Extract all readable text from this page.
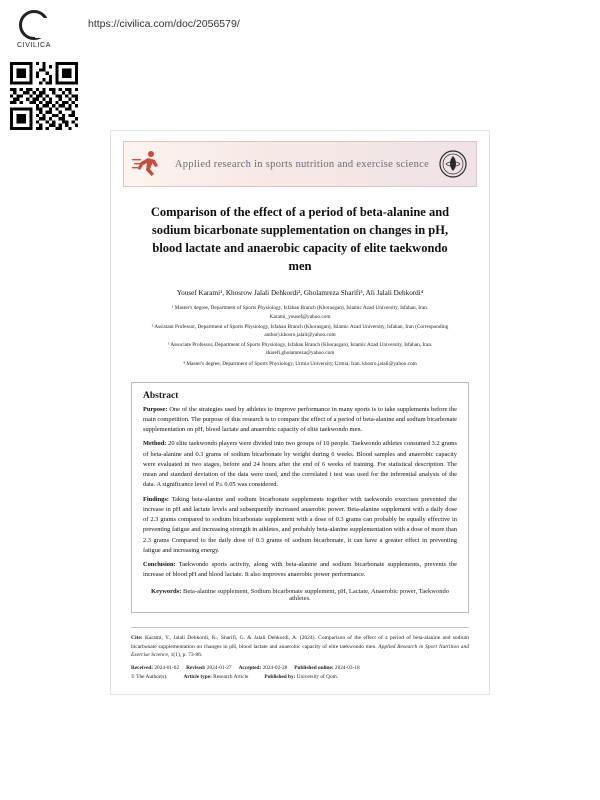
CIVILICA
https://civilica.com/doc/2056579/
Applied research in sports nutrition and exercise science
Comparison of the effect of a period of beta-alanine and sodium bicarbonate supplementation on changes in pH, blood lactate and anaerobic capacity of elite taekwondo men
Yousef Karami¹, Khosrow Jalali Dehkordi², Gholamreza Sharifi³, Ali Jalali Dehkordi⁴

¹ Master's degree, Department of Sports Physiology, Isfahan Branch (Khorasgan), Islamic Azad University, Isfahan, Iran. Karami_yousef@yahoo.com

² Assistant Professor, Department of Sports Physiology, Isfahan Branch (Khorasgan), Islamic Azad University, Isfahan, Iran (Corresponding author).khosro.jalali@yahoo.com

³ Associate Professor, Department of Sports Physiology, Isfahan Branch (Khorasgan), Islamic Azad University, Isfahan, Iran. sharefi.gholamreza@yahoo.com

⁴ Master's degree, Department of Sports Physiology, Urmia University, Urmia, Iran. khosro.jalali@yahoo.com

Abstract

Purpose: One of the strategies used by athletes to improve performance in many sports is to take supplements before the main competition. The purpose of this research is to compare the effect of a period of beta-alanine and sodium bicarbonate supplementation on pH, blood lactate and anaerobic capacity of elite taekwondo men.

Method: 20 elite taekwondo players were divided into two groups of 10 people. Taekwondo athletes consumed 3.2 grams of beta-alanine and 0.3 grams of sodium bicarbonate by weight during 6 weeks. Blood samples and anaerobic capacity were evaluated in two stages, before and 24 hours after the end of 6 weeks of training. For statistical description. The mean and standard deviation of the data were used, and the correlated t test was used for the inferential analysis of the data. A significance level of P≤ 0.05 was considered.

Findings: Taking beta-alanine and sodium bicarbonate supplements together with taekwondo exercises prevented the increase in pH and lactate levels and subsequently increased anaerobic power. Beta-alanine supplement with a daily dose of 2.3 grams compared to sodium bicarbonate supplement with a dose of 0.3 grams can probably be equally effective in preventing fatigue and increasing strength in athletes, and probably beta-alanine supplementation with a dose of more than 2.3 grams Compared to the daily dose of 0.3 grams of sodium bicarbonate, it can have a greater effect in preventing fatigue and increasing energy.

Conclusion: Taekwondo sports activity, along with beta-alanine and sodium bicarbonate supplements, prevents the increase of blood pH and blood lactate. It also improves anaerobic power performance.

Keywords: Beta-alanine supplement, Sodium bicarbonate supplement, pH, Lactate, Anaerobic power, Taekwondo athletes.
Cite: Karami, Y., Jalali Dehkordi, K., Sharifi, G. & Jalali Dehkordi, A. (2024). Comparison of the effect of a period of beta-alanine and sodium bicarbonate supplementation on changes in pH, blood lactate and anaerobic capacity of elite taekwondo men. Applied Research in Sport Nutrition and Exercise Science, 1(1), p. 73-86.
Received: 2024-01-02 Revised: 2024-01-27 Accepted: 2024-02-28 Published online: 2024-03-18
© The Author(s).	Article type: Research Article	Published by: University of Qom.
